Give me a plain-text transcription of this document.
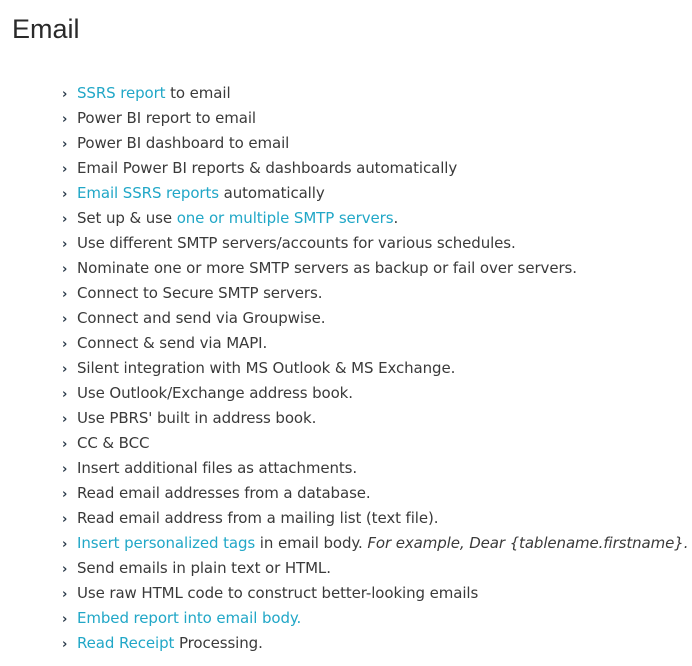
Email
› SSRS report to email
› Power BI report to email
› Power BI dashboard to email
› Email Power BI reports & dashboards automatically
› Email SSRS reports automatically
› Set up & use one or multiple SMTP servers.
› Use different SMTP servers/accounts for various schedules.
› Nominate one or more SMTP servers as backup or fail over servers.
› Connect to Secure SMTP servers.
› Connect and send via Groupwise.
› Connect & send via MAPI.
› Silent integration with MS Outlook & MS Exchange.
› Use Outlook/Exchange address book.
› Use PBRS' built in address book.
› CC & BCC
› Insert additional files as attachments.
› Read email addresses from a database.
› Read email address from a mailing list (text file).
› Insert personalized tags in email body. For example, Dear {tablename.firstname}.
› Send emails in plain text or HTML.
› Use raw HTML code to construct better-looking emails
› Embed report into email body.
› Read Receipt Processing.
